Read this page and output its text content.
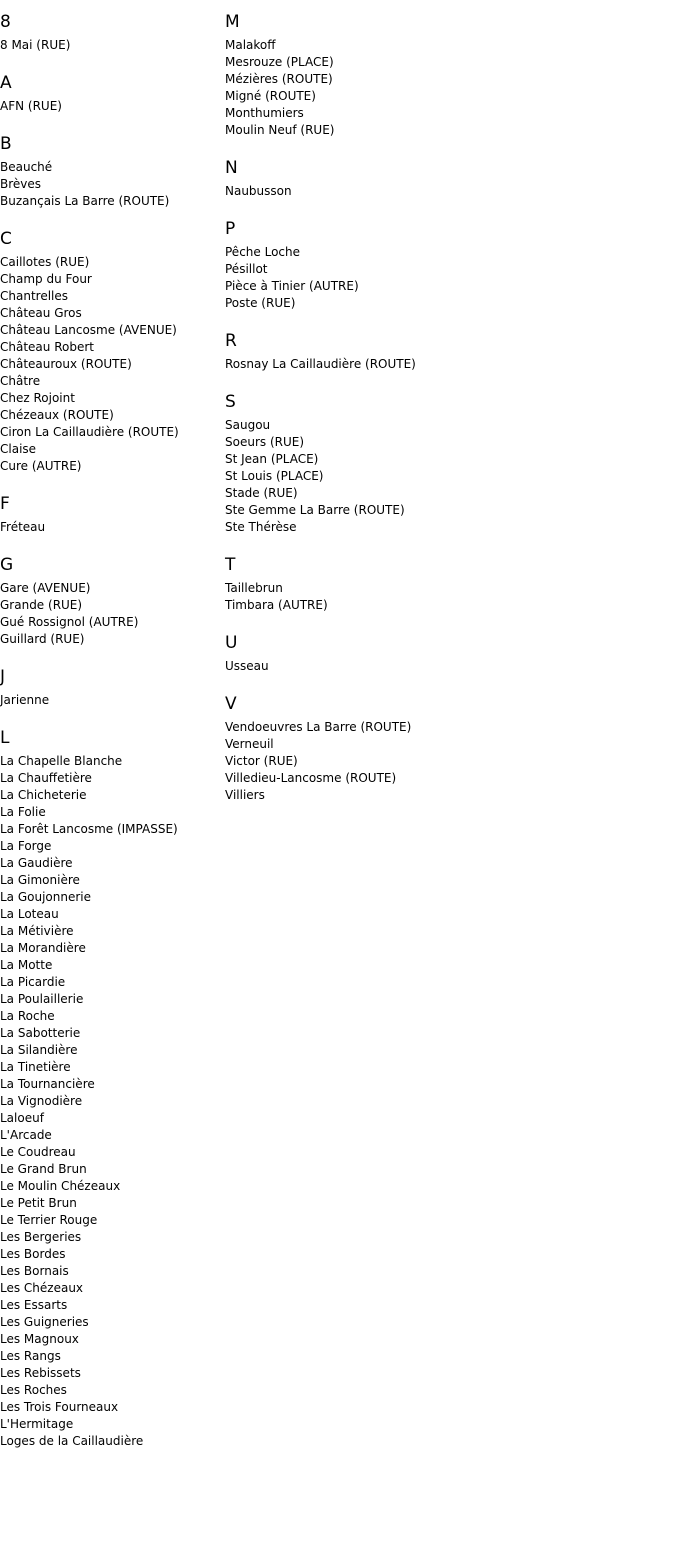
8
8 Mai (RUE)
A
AFN (RUE)
B
Beauché
Brèves
Buzançais La Barre (ROUTE)
C
Caillotes (RUE)
Champ du Four
Chantrelles
Château Gros
Château Lancosme (AVENUE)
Château Robert
Châteauroux (ROUTE)
Châtre
Chez Rojoint
Chézeaux (ROUTE)
Ciron La Caillaudière (ROUTE)
Claise
Cure (AUTRE)
F
Fréteau
G
Gare (AVENUE)
Grande (RUE)
Gué Rossignol (AUTRE)
Guillard (RUE)
J
Jarienne
L
La Chapelle Blanche
La Chauffetière
La Chicheterie
La Folie
La Forêt Lancosme (IMPASSE)
La Forge
La Gaudière
La Gimonière
La Goujonnerie
La Loteau
La Métivière
La Morandière
La Motte
La Picardie
La Poulaillerie
La Roche
La Sabotterie
La Silandière
La Tinetière
La Tournancière
La Vignodière
Laloeuf
L'Arcade
Le Coudreau
Le Grand Brun
Le Moulin Chézeaux
Le Petit Brun
Le Terrier Rouge
Les Bergeries
Les Bordes
Les Bornais
Les Chézeaux
Les Essarts
Les Guigneries
Les Magnoux
Les Rangs
Les Rebissets
Les Roches
Les Trois Fourneaux
L'Hermitage
Loges de la Caillaudière
M
Malakoff
Mesrouze (PLACE)
Mézières (ROUTE)
Migné (ROUTE)
Monthumiers
Moulin Neuf (RUE)
N
Naubusson
P
Pêche Loche
Pésillot
Pièce à Tinier (AUTRE)
Poste (RUE)
R
Rosnay La Caillaudière (ROUTE)
S
Saugou
Soeurs (RUE)
St Jean (PLACE)
St Louis (PLACE)
Stade (RUE)
Ste Gemme La Barre (ROUTE)
Ste Thérèse
T
Taillebrun
Timbara (AUTRE)
U
Usseau
V
Vendoeuvres La Barre (ROUTE)
Verneuil
Victor (RUE)
Villedieu-Lancosme (ROUTE)
Villiers
